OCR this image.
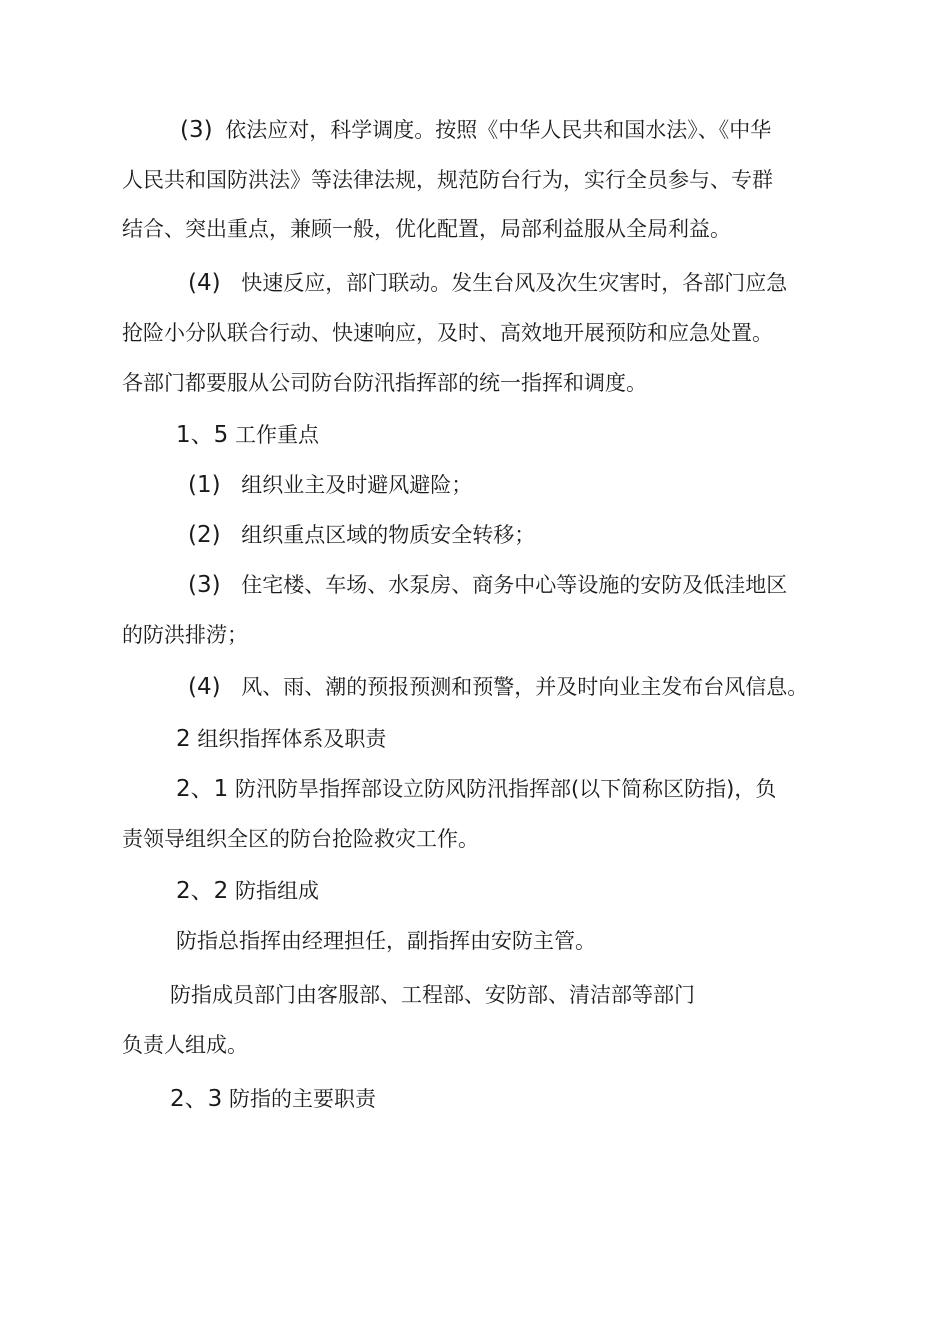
(3) 依法应对，科学调度。按照《中华人民共和国水法》、《中华
人民共和国防洪法》等法律法规，规范防台行为，实行全员参与、专群
结合、突出重点，兼顾一般，优化配置，局部利益服从全局利益。
(4) 快速反应，部门联动。发生台风及次生灾害时，各部门应急
抢险小分队联合行动、快速响应，及时、高效地开展预防和应急处置。
各部门都要服从公司防台防汛指挥部的统一指挥和调度。
1、5 工作重点
(1) 组织业主及时避风避险；
(2) 组织重点区域的物质安全转移；
(3) 住宅楼、车场、水泵房、商务中心等设施的安防及低洼地区
的防洪排涝；
(4) 风、雨、潮的预报预测和预警，并及时向业主发布台风信息。
2 组织指挥体系及职责
2、1 防汛防旱指挥部设立防风防汛指挥部(以下简称区防指)，负
责领导组织全区的防台抢险救灾工作。
2、2 防指组成
防指总指挥由经理担任，副指挥由安防主管。
防指成员部门由客服部、工程部、安防部、清洁部等部门
负责人组成。
2、3 防指的主要职责
